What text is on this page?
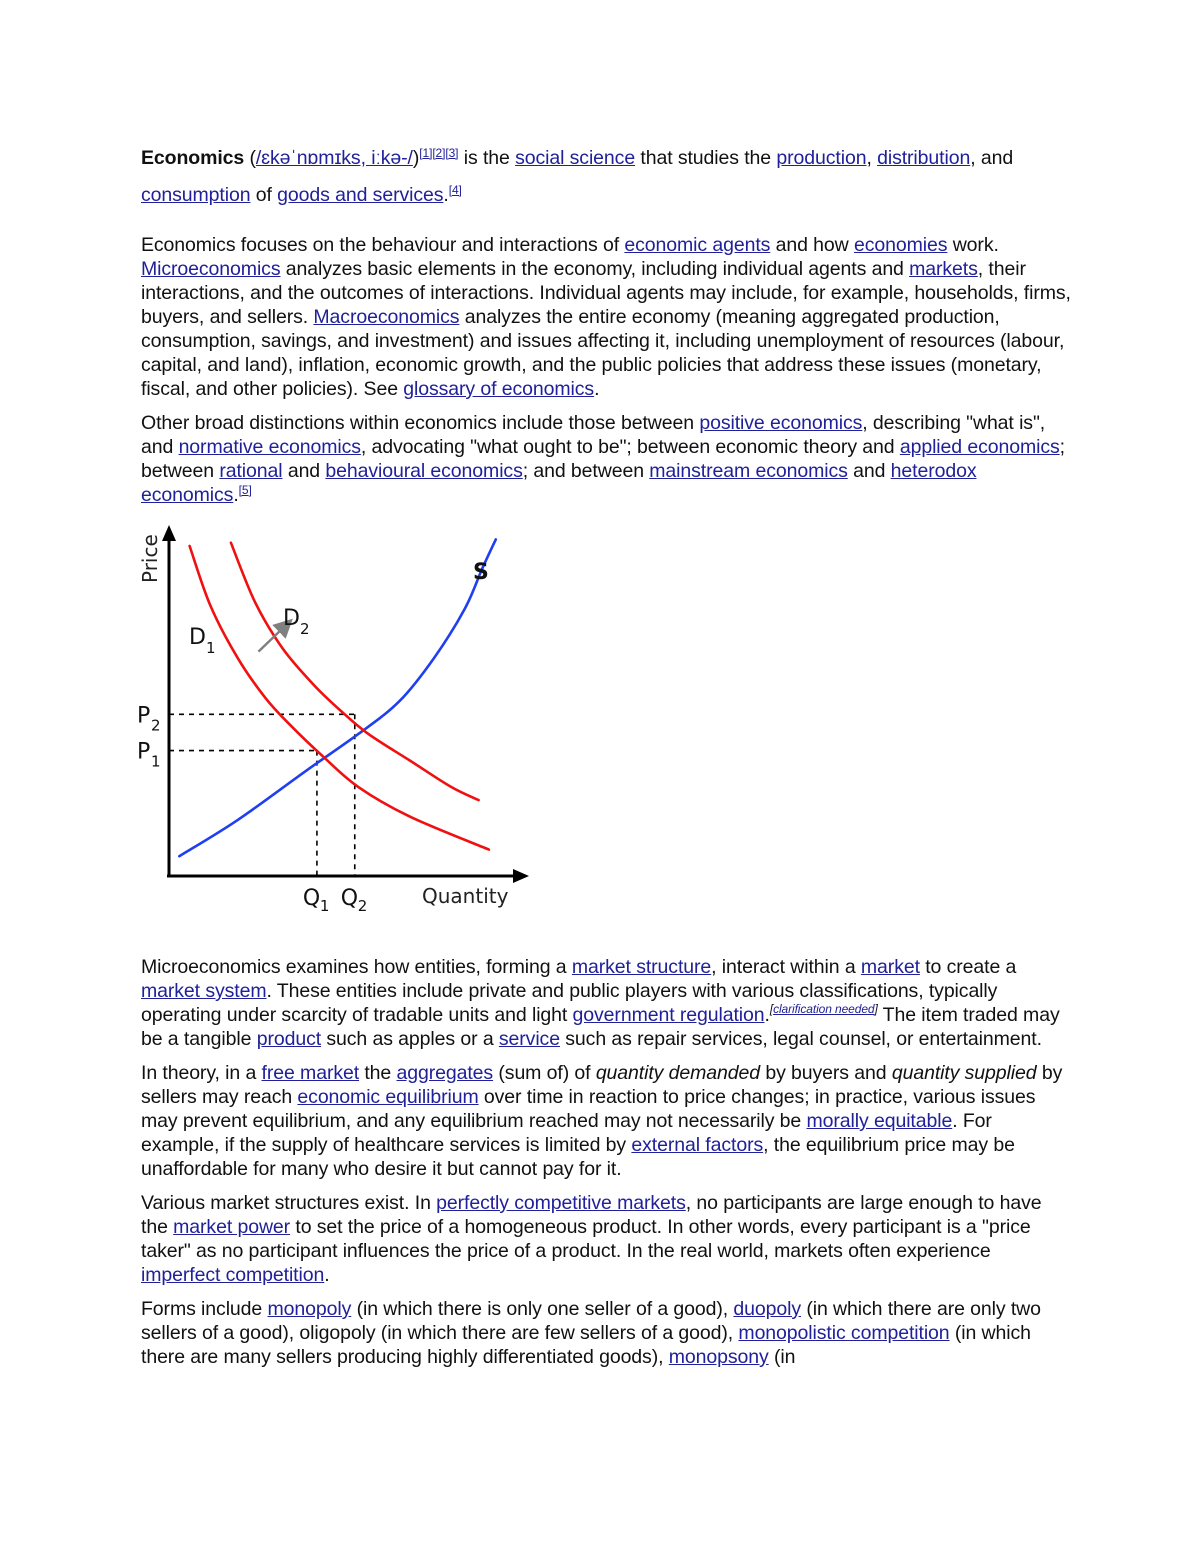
Economics (/ɛkəˈnɒmɪks, iːkə-/)[1][2][3] is the social science that studies the production, distribution, and consumption of goods and services.[4]

Economics focuses on the behaviour and interactions of economic agents and how economies work. Microeconomics analyzes basic elements in the economy, including individual agents and markets, their interactions, and the outcomes of interactions. Individual agents may include, for example, households, firms, buyers, and sellers. Macroeconomics analyzes the entire economy (meaning aggregated production, consumption, savings, and investment) and issues affecting it, including unemployment of resources (labour, capital, and land), inflation, economic growth, and the public policies that address these issues (monetary, fiscal, and other policies). See glossary of economics.

Other broad distinctions within economics include those between positive economics, describing "what is", and normative economics, advocating "what ought to be"; between economic theory and applied economics; between rational and behavioural economics; and between mainstream economics and heterodox economics.[5]

P 1
Q 1
P 2
Q 2
S
D 1
D 2
Price
Quantity

Microeconomics examines how entities, forming a market structure, interact within a market to create a market system. These entities include private and public players with various classifications, typically operating under scarcity of tradable units and light government regulation.[clarification needed] The item traded may be a tangible product such as apples or a service such as repair services, legal counsel, or entertainment.

In theory, in a free market the aggregates (sum of) of quantity demanded by buyers and quantity supplied by sellers may reach economic equilibrium over time in reaction to price changes; in practice, various issues may prevent equilibrium, and any equilibrium reached may not necessarily be morally equitable. For example, if the supply of healthcare services is limited by external factors, the equilibrium price may be unaffordable for many who desire it but cannot pay for it.

Various market structures exist. In perfectly competitive markets, no participants are large enough to have the market power to set the price of a homogeneous product. In other words, every participant is a "price taker" as no participant influences the price of a product. In the real world, markets often experience imperfect competition.

Forms include monopoly (in which there is only one seller of a good), duopoly (in which there are only two sellers of a good), oligopoly (in which there are few sellers of a good), monopolistic competition (in which there are many sellers producing highly differentiated goods), monopsony (in
